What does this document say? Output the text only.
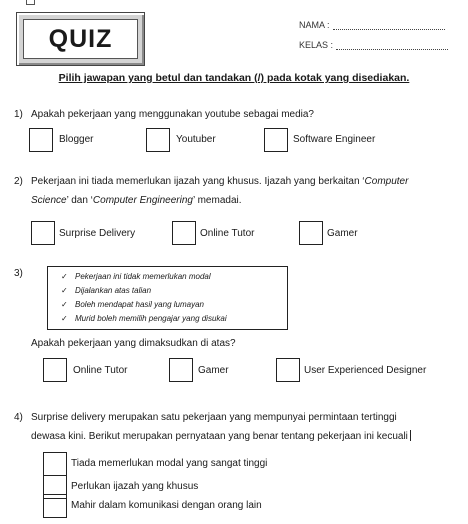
QUIZ	NAMA :
KELAS :
Pilih jawapan yang betul dan tandakan (/) pada kotak yang disediakan.
1) Apakah pekerjaan yang menggunakan youtube sebagai media?
Blogger	Youtuber	Software Engineer
2) Pekerjaan ini tiada memerlukan ijazah yang khusus. Ijazah yang berkaitan ‘Computer
Science’ dan ‘Computer Engineering’ memadai.
Surprise Delivery	Online Tutor	Gamer
3)	✓ Pekerjaan ini tidak memerlukan modal
✓ Dijalankan atas talian
✓ Boleh mendapat hasil yang lumayan
✓ Murid boleh memilih pengajar yang disukai
Apakah pekerjaan yang dimaksudkan di atas?
Online Tutor	Gamer	User Experienced Designer
4) Surprise delivery merupakan satu pekerjaan yang mempunyai permintaan tertinggi
dewasa kini. Berikut merupakan pernyataan yang benar tentang pekerjaan ini kecuali
Tiada memerlukan modal yang sangat tinggi
Perlukan ijazah yang khusus
Mahir dalam komunikasi dengan orang lain
